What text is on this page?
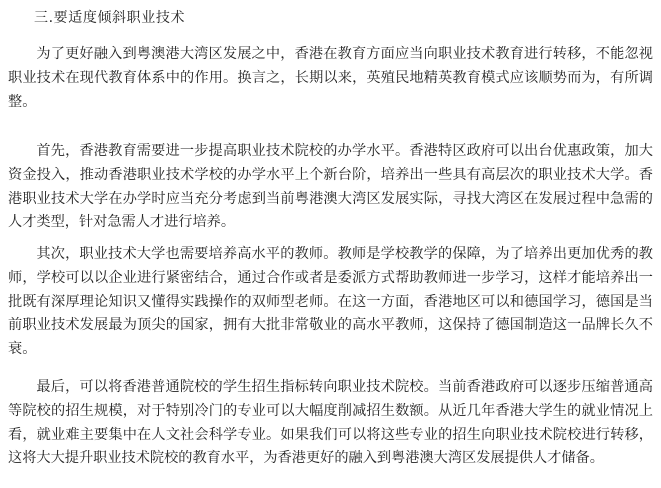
三.要适度倾斜职业技术

为了更好融入到粤澳港大湾区发展之中，香港在教育方面应当向职业技术教育进行转移，不能忽视职业技术在现代教育体系中的作用。换言之，长期以来，英殖民地精英教育模式应该顺势而为，有所调整。

首先，香港教育需要进一步提高职业技术院校的办学水平。香港特区政府可以出台优惠政策，加大资金投入，推动香港职业技术学校的办学水平上个新台阶，培养出一些具有高层次的职业技术大学。香港职业技术大学在办学时应当充分考虑到当前粤港澳大湾区发展实际，寻找大湾区在发展过程中急需的人才类型，针对急需人才进行培养。

其次，职业技术大学也需要培养高水平的教师。教师是学校教学的保障，为了培养出更加优秀的教师，学校可以以企业进行紧密结合，通过合作或者是委派方式帮助教师进一步学习，这样才能培养出一批既有深厚理论知识又懂得实践操作的双师型老师。在这一方面，香港地区可以和德国学习，德国是当前职业技术发展最为顶尖的国家，拥有大批非常敬业的高水平教师，这保持了德国制造这一品牌长久不衰。

最后，可以将香港普通院校的学生招生指标转向职业技术院校。当前香港政府可以逐步压缩普通高等院校的招生规模，对于特别冷门的专业可以大幅度削减招生数额。从近几年香港大学生的就业情况上看，就业难主要集中在人文社会科学专业。如果我们可以将这些专业的招生向职业技术院校进行转移，这将大大提升职业技术院校的教育水平，为香港更好的融入到粤港澳大湾区发展提供人才储备。
